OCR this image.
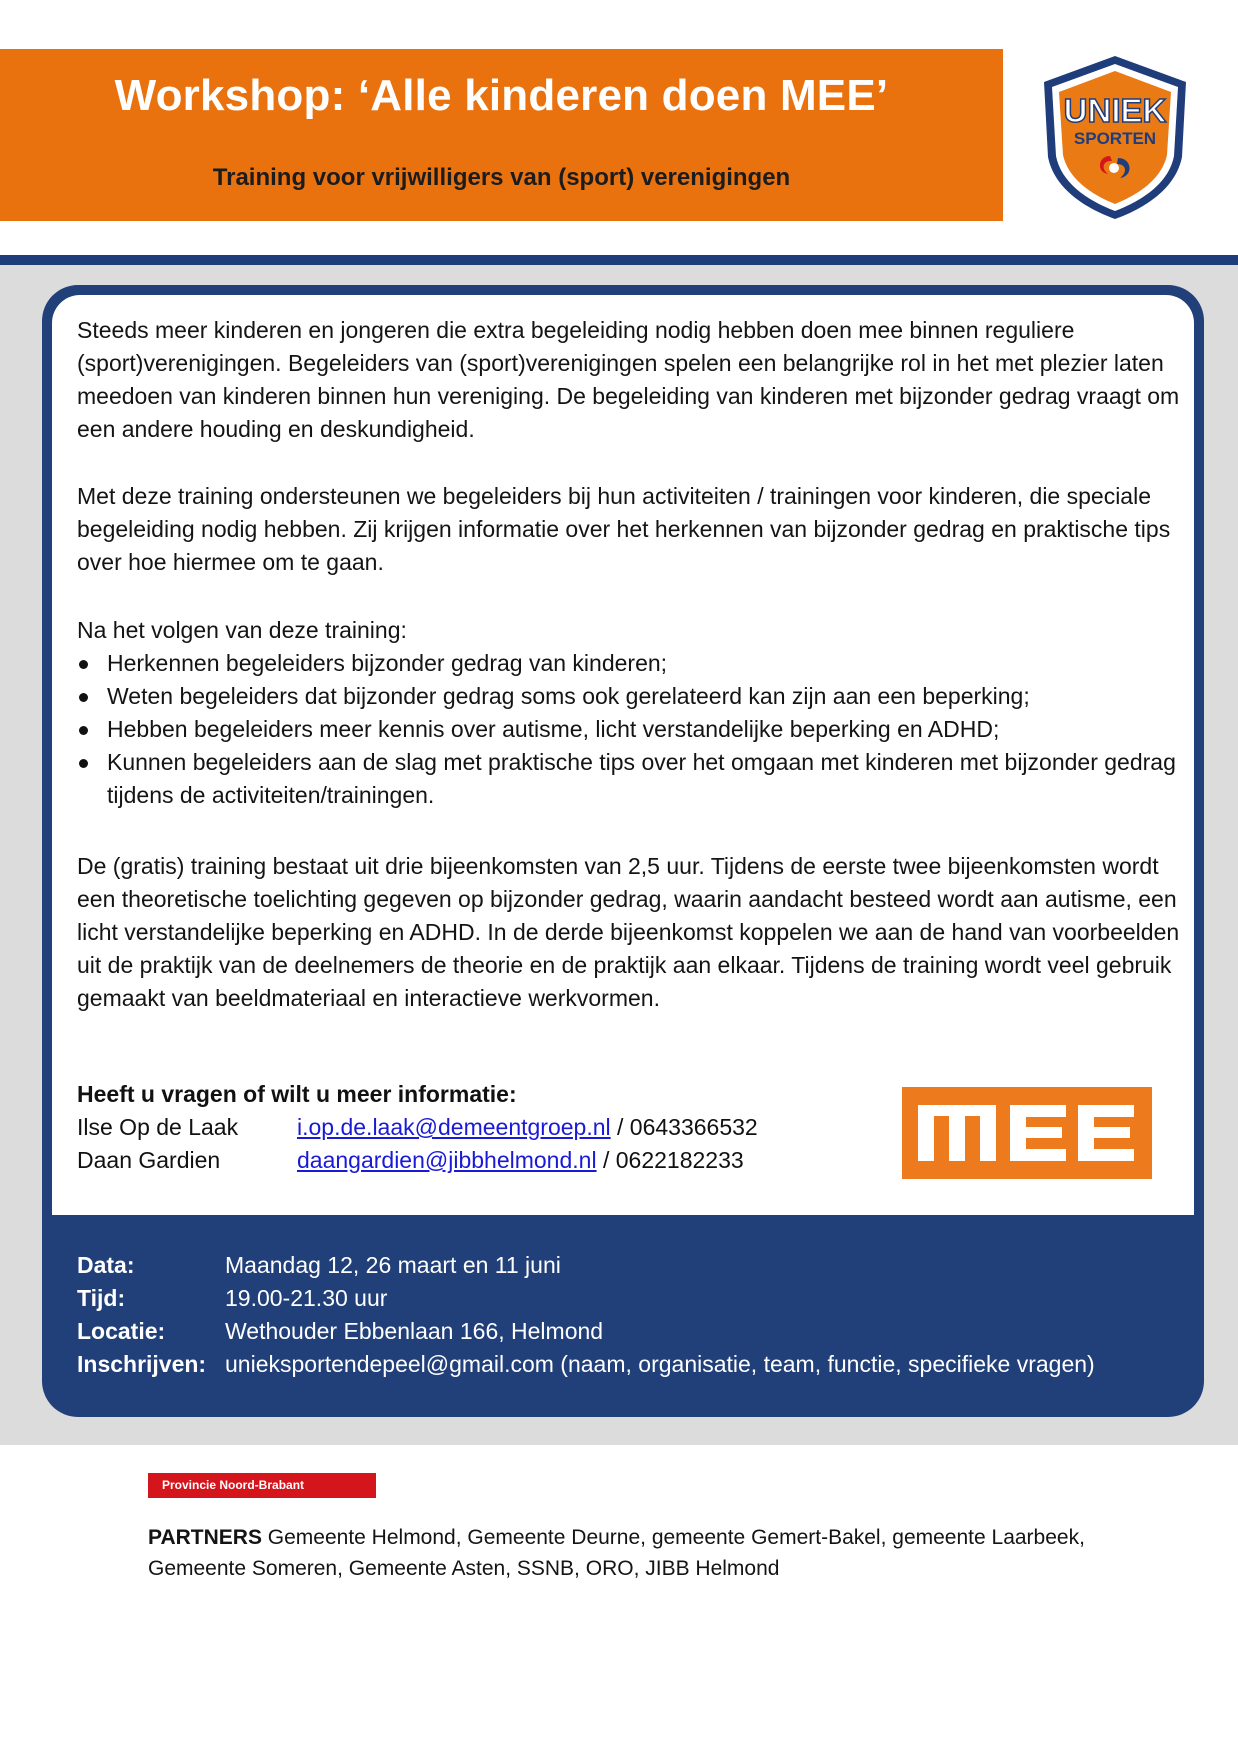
Workshop: ‘Alle kinderen doen MEE’
Training voor vrijwilligers van (sport) verenigingen
UNIEK
SPORTEN

Steeds meer kinderen en jongeren die extra begeleiding nodig hebben doen mee binnen reguliere (sport)verenigingen. Begeleiders van (sport)verenigingen spelen een belangrijke rol in het met plezier laten meedoen van kinderen binnen hun vereniging. De begeleiding van kinderen met bijzonder gedrag vraagt om een andere houding en deskundigheid.

Met deze training ondersteunen we begeleiders bij hun activiteiten / trainingen voor kinderen, die speciale begeleiding nodig hebben. Zij krijgen informatie over het herkennen van bijzonder gedrag en praktische tips over hoe hiermee om te gaan.

Na het volgen van deze training:

Herkennen begeleiders bijzonder gedrag van kinderen;
Weten begeleiders dat bijzonder gedrag soms ook gerelateerd kan zijn aan een beperking;
Hebben begeleiders meer kennis over autisme, licht verstandelijke beperking en ADHD;
Kunnen begeleiders aan de slag met praktische tips over het omgaan met kinderen met bijzonder gedrag tijdens de activiteiten/trainingen.

De (gratis) training bestaat uit drie bijeenkomsten van 2,5 uur. Tijdens de eerste twee bijeenkomsten wordt een theoretische toelichting gegeven op bijzonder gedrag, waarin aandacht besteed wordt aan autisme, een licht verstandelijke beperking en ADHD. In de derde bijeenkomst koppelen we aan de hand van voorbeelden uit de praktijk van de deelnemers de theorie en de praktijk aan elkaar. Tijdens de training wordt veel gebruik gemaakt van beeldmateriaal en interactieve werkvormen.

Heeft u vragen of wilt u meer informatie:
Ilse Op de Laak	i.op.de.laak@demeentgroep.nl / 0643366532
Daan Gardien	daangardien@jibbhelmond.nl / 0622182233
Data:	Maandag 12, 26 maart en 11 juni
Tijd:	19.00-21.30 uur
Locatie:	Wethouder Ebbenlaan 166, Helmond
Inschrijven: unieksportendepeel@gmail.com (naam, organisatie, team, functie, specifieke vragen)
Provincie Noord-Brabant

PARTNERS Gemeente Helmond, Gemeente Deurne, gemeente Gemert-Bakel, gemeente Laarbeek, Gemeente Someren, Gemeente Asten, SSNB, ORO, JIBB Helmond
